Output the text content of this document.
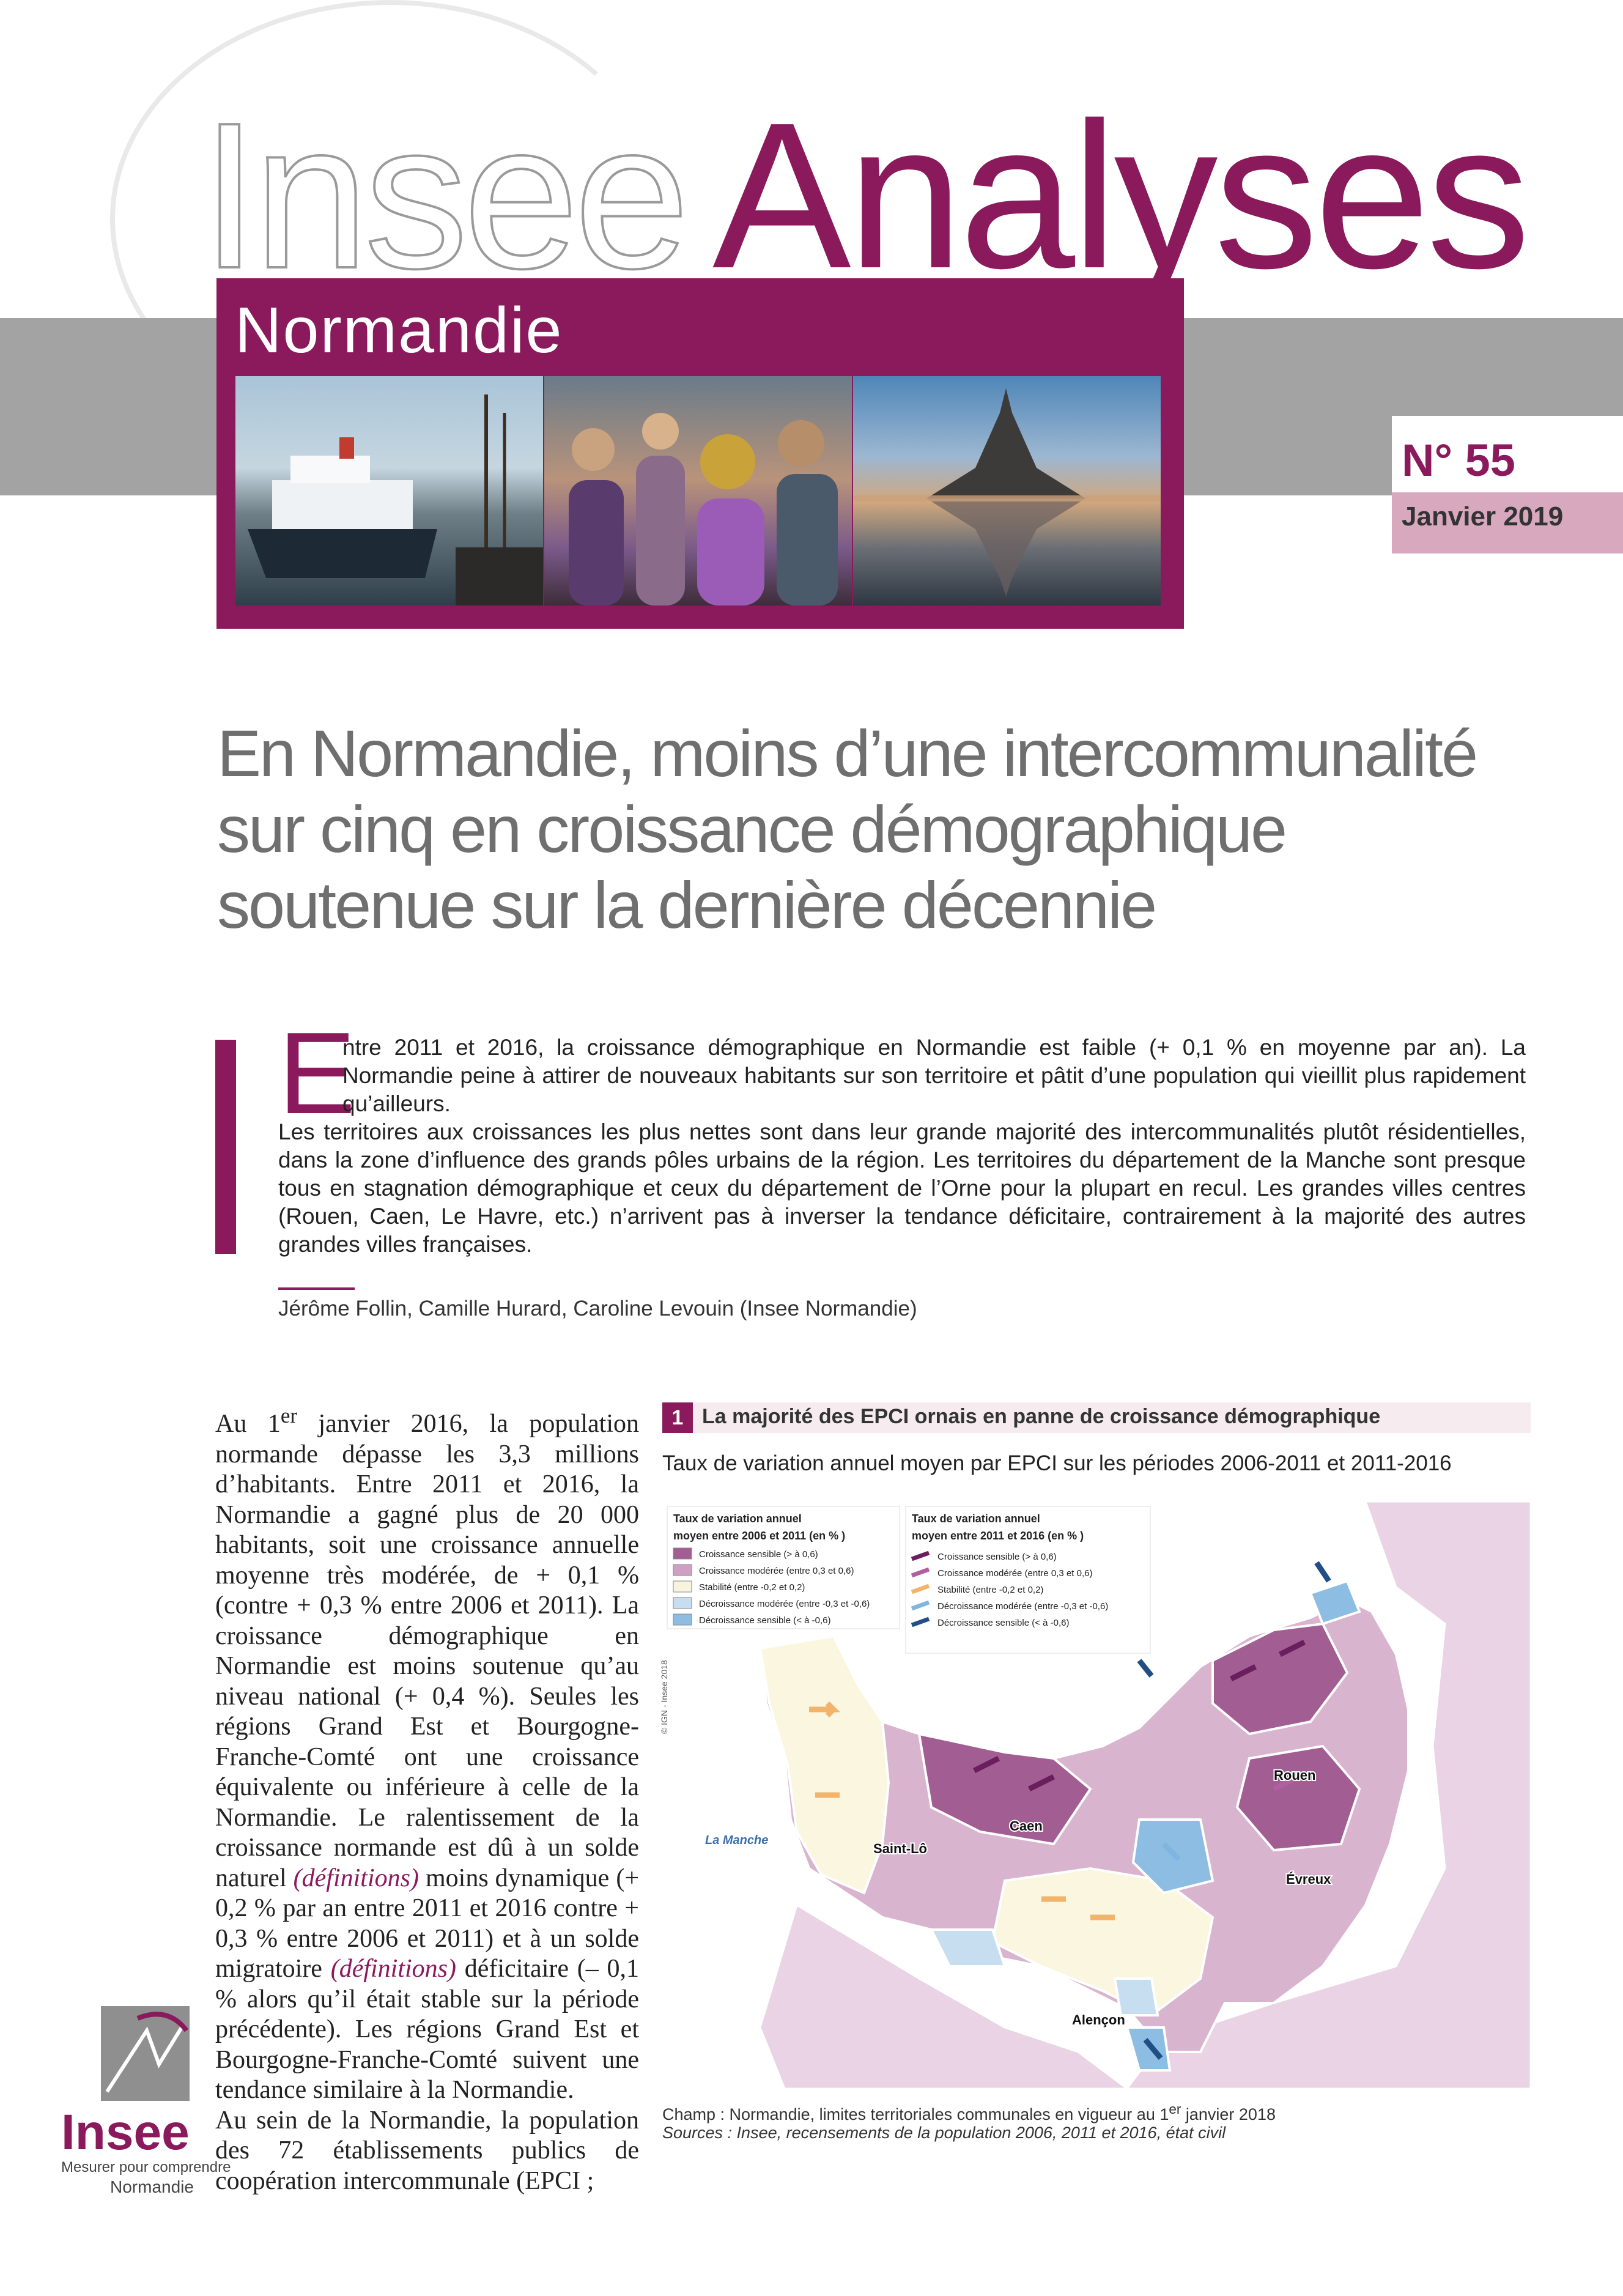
Insee Analyses
Normandie
N° 55
Janvier 2019
En Normandie, moins d’une intercommunalité
sur cinq en croissance démographique
soutenue sur la dernière décennie
E

ntre 2011 et 2016, la croissance démographique en Normandie est faible (+ 0,1 % en moyenne par an). La Normandie peine à attirer de nouveaux habitants sur son territoire et pâtit d’une population qui vieillit plus rapidement qu’ailleurs.

Les territoires aux croissances les plus nettes sont dans leur grande majorité des intercommunalités plutôt résidentielles, dans la zone d’influence des grands pôles urbains de la région. Les territoires du département de la Manche sont presque tous en stagnation démographique et ceux du département de l’Orne pour la plupart en recul. Les grandes villes centres (Rouen, Caen, Le Havre, etc.) n’arrivent pas à inverser la tendance déficitaire, contrairement à la majorité des autres grandes villes françaises.

Jérôme Follin, Camille Hurard, Caroline Levouin (Insee Normandie)

Au 1er janvier 2016, la population normande dépasse les 3,3 millions d’habitants. Entre 2011 et 2016, la Normandie a gagné plus de 20 000 habitants, soit une croissance annuelle moyenne très modérée, de + 0,1 % (contre + 0,3 % entre 2006 et 2011). La croissance démographique en Normandie est moins soutenue qu’au niveau national (+ 0,4 %). Seules les régions Grand Est et Bourgogne-Franche-Comté ont une croissance équivalente ou inférieure à celle de la Normandie. Le ralentissement de la croissance normande est dû à un solde naturel (définitions) moins dynamique (+ 0,2 % par an entre 2011 et 2016 contre + 0,3 % entre 2006 et 2011) et à un solde migratoire (définitions) déficitaire (– 0,1 % alors qu’il était stable sur la période précédente). Les régions Grand Est et Bourgogne-Franche-Comté suivent une tendance similaire à la Normandie.

Au sein de la Normandie, la population des 72 établissements publics de coopération intercommunale (EPCI ;

Insee
Mesurer pour comprendre
Normandie
1 La majorité des EPCI ornais en panne de croissance démographique
Taux de variation annuel moyen par EPCI sur les périodes 2006-2011 et 2011-2016
Taux de variation annuel
moyen entre 2006 et 2011 (en % )
Croissance sensible (> à 0,6)
Croissance modérée (entre 0,3 et 0,6)
Stabilité (entre -0,2 et 0,2)
Décroissance modérée (entre -0,3 et -0,6)
Décroissance sensible (< à -0,6)
Taux de variation annuel
moyen entre 2011 et 2016 (en % )
Croissance sensible (> à 0,6)
Croissance modérée (entre 0,3 et 0,6)
Stabilité (entre -0,2 et 0,2)
Décroissance modérée (entre -0,3 et -0,6)
Décroissance sensible (< à -0,6)
La Manche
© IGN - Insee 2018
Rouen
Caen
Saint-Lô
Évreux
Alençon
Champ : Normandie, limites territoriales communales en vigueur au 1er janvier 2018
Sources : Insee, recensements de la population 2006, 2011 et 2016, état civil
